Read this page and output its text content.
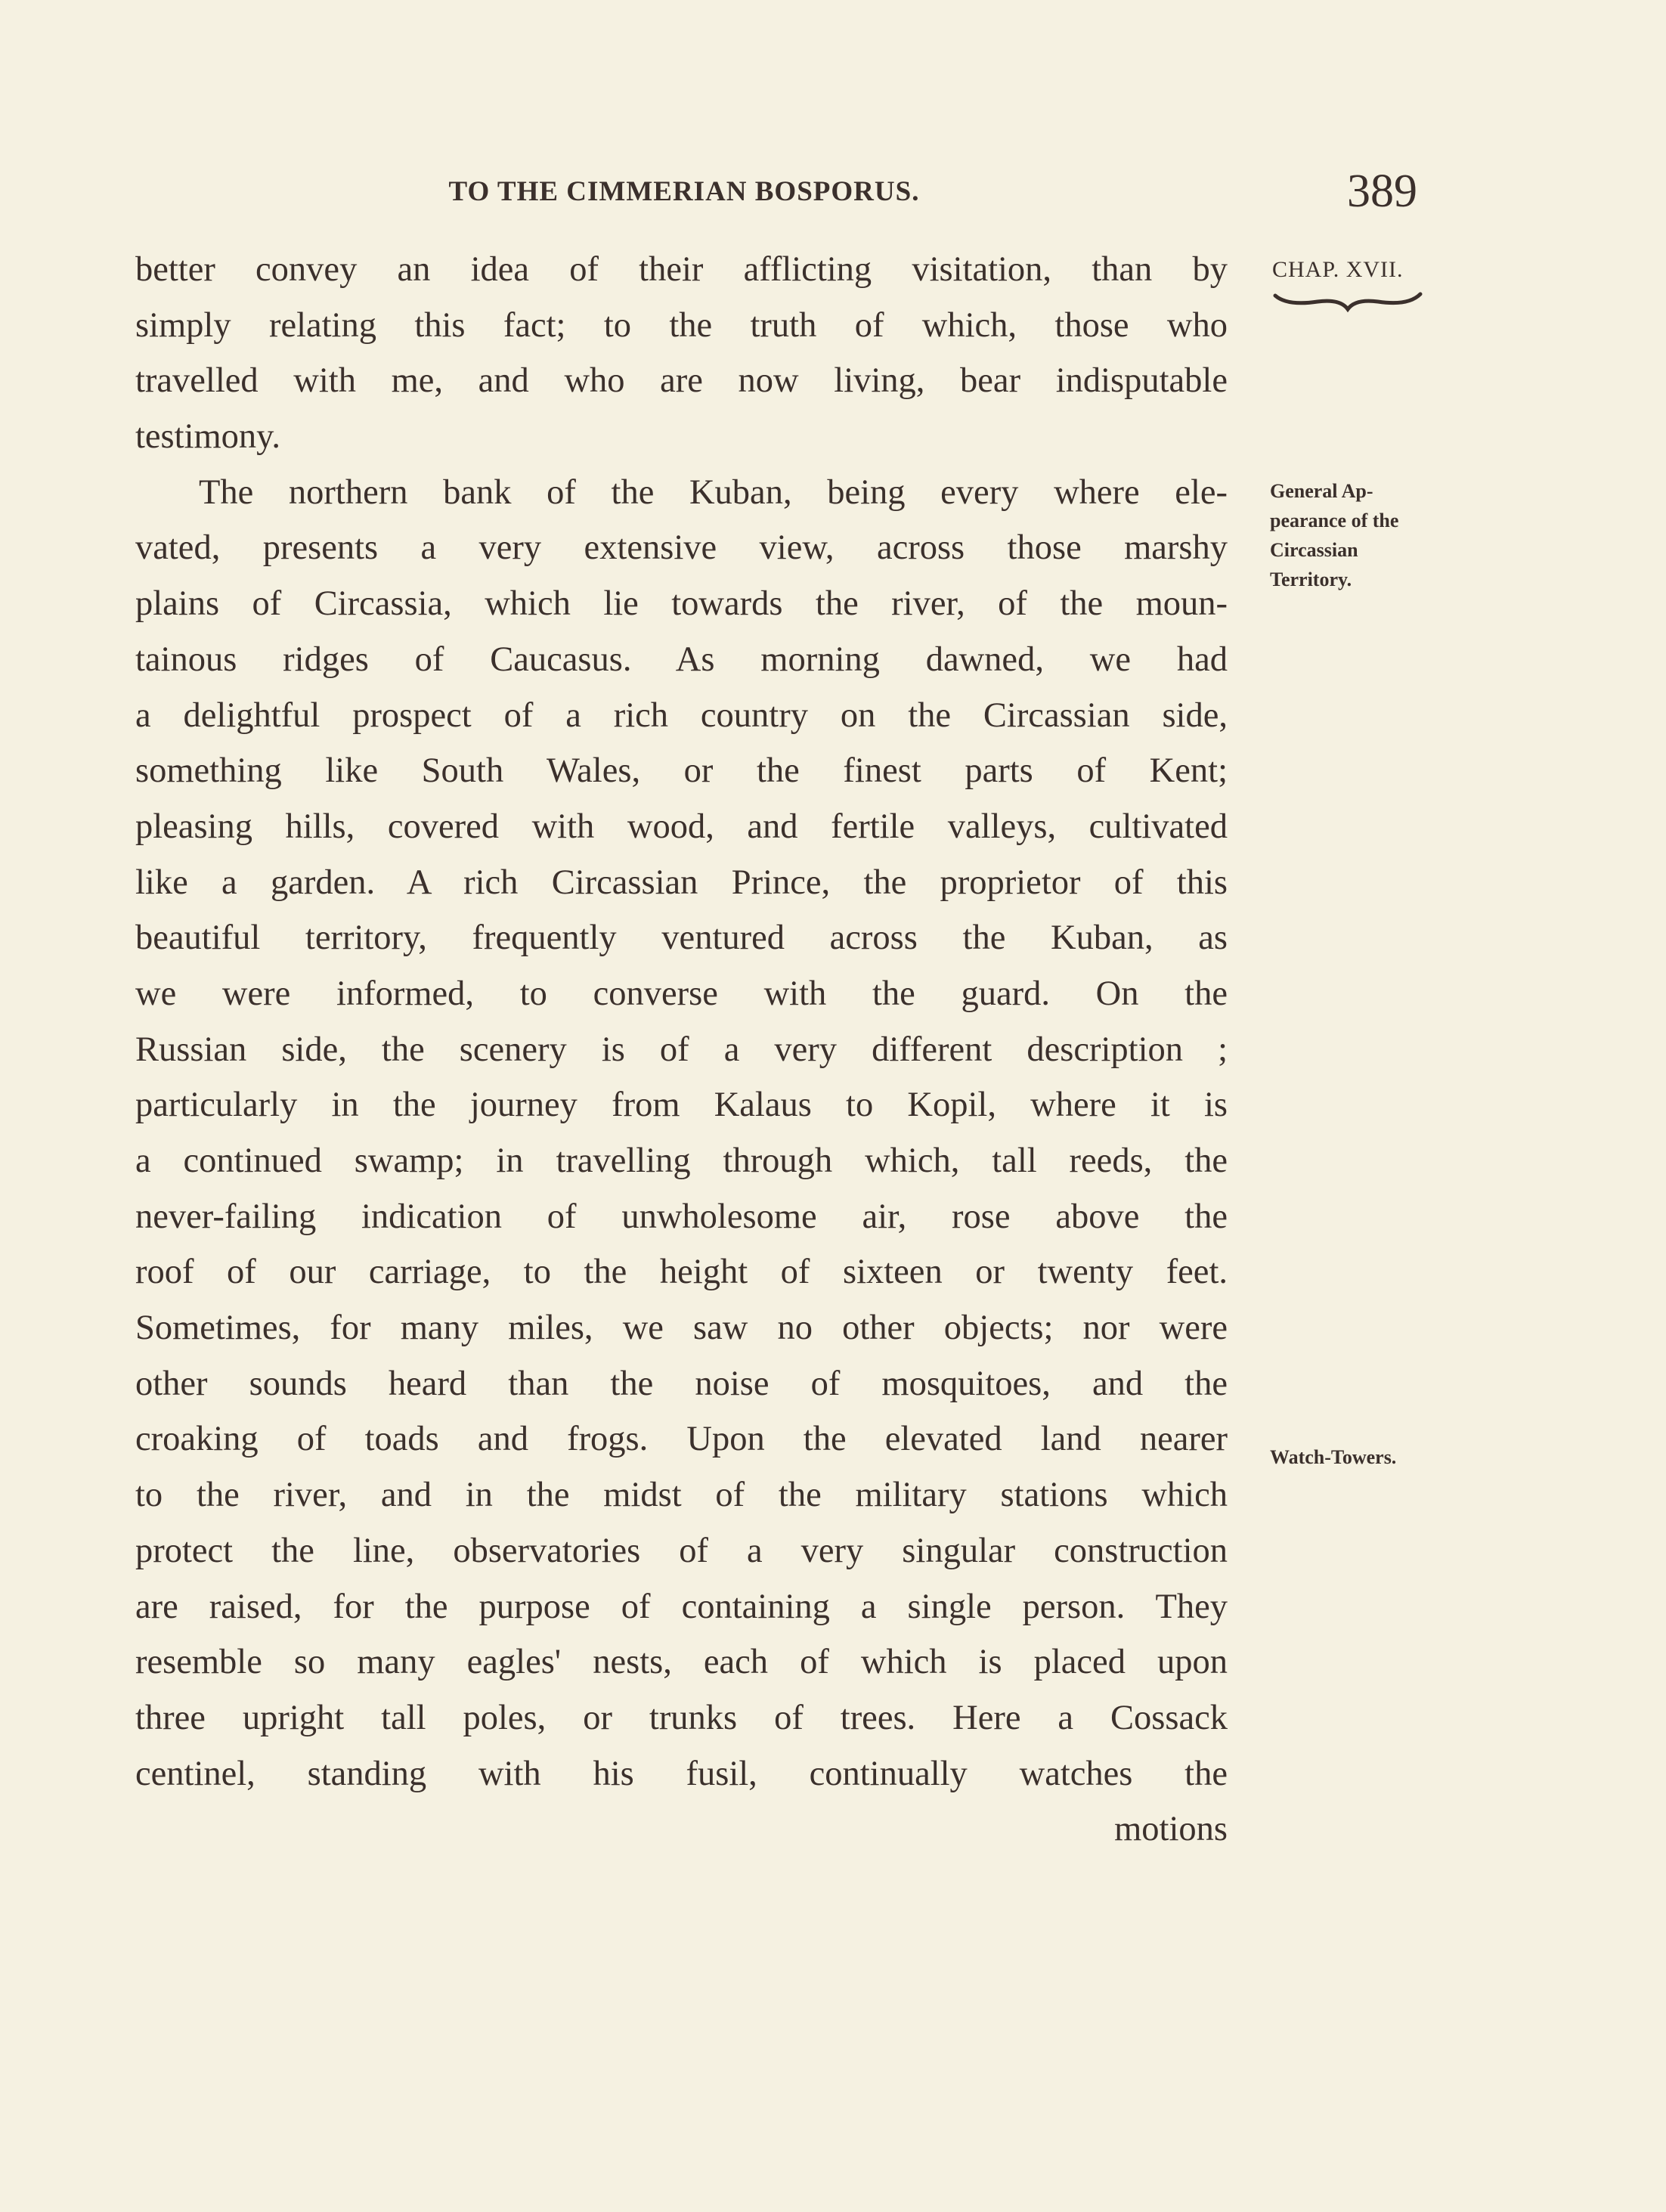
TO THE CIMMERIAN BOSPORUS.	389
CHAP. XVII.
General Ap-
pearance of the
Circassian
Territory.
Watch-Towers.
better convey an idea of their afflicting visitation, than by
simply relating this fact; to the truth of which, those who
travelled with me, and who are now living, bear indisputable
testimony.
The northern bank of the Kuban, being every where ele-
vated, presents a very extensive view, across those marshy
plains of Circassia, which lie towards the river, of the moun-
tainous ridges of Caucasus. As morning dawned, we had
a delightful prospect of a rich country on the Circassian side,
something like South Wales, or the finest parts of Kent;
pleasing hills, covered with wood, and fertile valleys, cultivated
like a garden. A rich Circassian Prince, the proprietor of this
beautiful territory, frequently ventured across the Kuban, as
we were informed, to converse with the guard. On the
Russian side, the scenery is of a very different description ;
particularly in the journey from Kalaus to Kopil, where it is
a continued swamp; in travelling through which, tall reeds, the
never-failing indication of unwholesome air, rose above the
roof of our carriage, to the height of sixteen or twenty feet.
Sometimes, for many miles, we saw no other objects; nor were
other sounds heard than the noise of mosquitoes, and the
croaking of toads and frogs. Upon the elevated land nearer
to the river, and in the midst of the military stations which
protect the line, observatories of a very singular construction
are raised, for the purpose of containing a single person. They
resemble so many eagles' nests, each of which is placed upon
three upright tall poles, or trunks of trees. Here a Cossack
centinel, standing with his fusil, continually watches the
motions
